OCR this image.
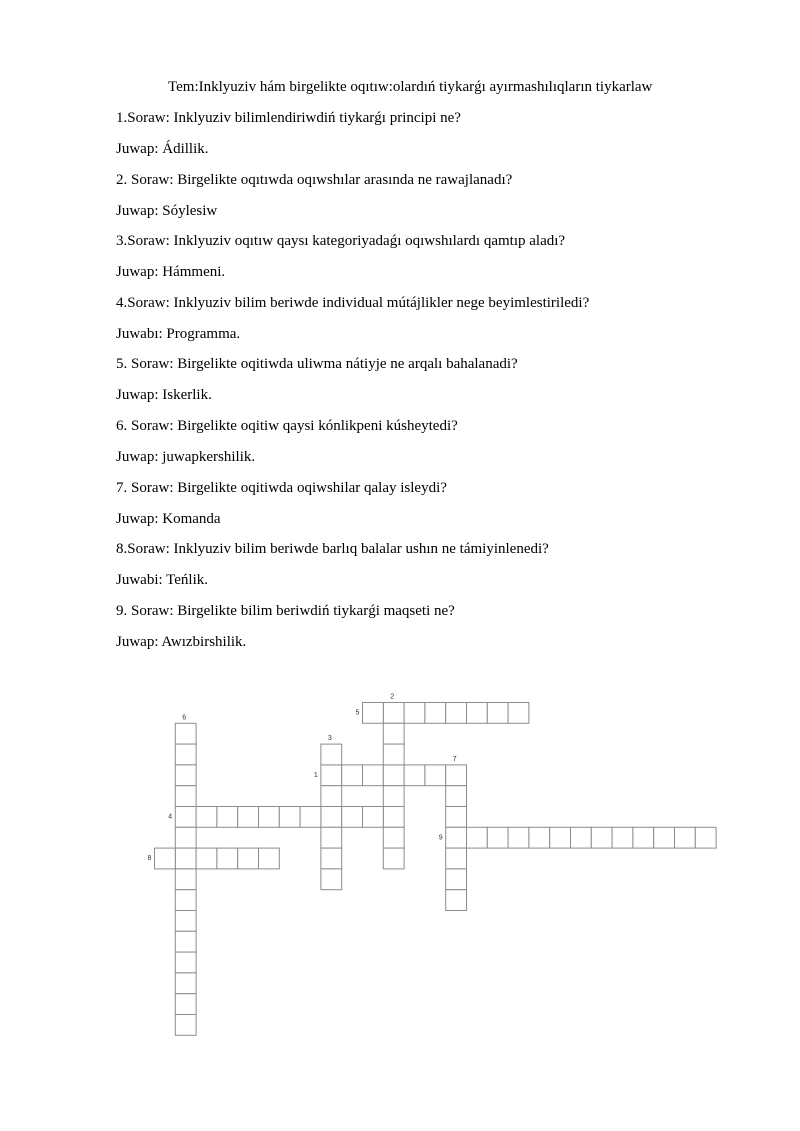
Tem:Inklyuziv hám birgelikte oqıtıw:olardıń tiykarǵı ayırmashılıqların tiykarlaw
1.Soraw: Inklyuziv bilimlendiriwdiń tiykarǵı principi ne?
Juwap: Ádillik.
2. Soraw: Birgelikte oqıtıwda oqıwshılar arasında ne rawajlanadı?
Juwap: Sóylesiw
3.Soraw: Inklyuziv oqıtıw qaysı kategoriyadaǵı oqıwshılardı qamtıp aladı?
Juwap: Hámmeni.
4.Soraw: Inklyuziv bilim beriwde individual mútájlikler nege beyimlestiriledi?
Juwabı: Programma.
5. Soraw: Birgelikte oqitiwda uliwma nátiyje ne arqalı bahalanadi?
Juwap: Iskerlik.
6. Soraw: Birgelikte oqitiw qaysi kónlikpeni kúsheytedi?
Juwap: juwapkershilik.
7. Soraw: Birgelikte oqitiwda oqiwshilar qalay isleydi?
Juwap: Komanda
8.Soraw: Inklyuziv bilim beriwde barlıq balalar ushın ne támiyinlenedi?
Juwabi: Teńlik.
9. Soraw: Birgelikte bilim beriwdiń tiykarǵi maqseti ne?
Juwap: Awızbirshilik.
1
2
3
4
5
6
7
8
9
